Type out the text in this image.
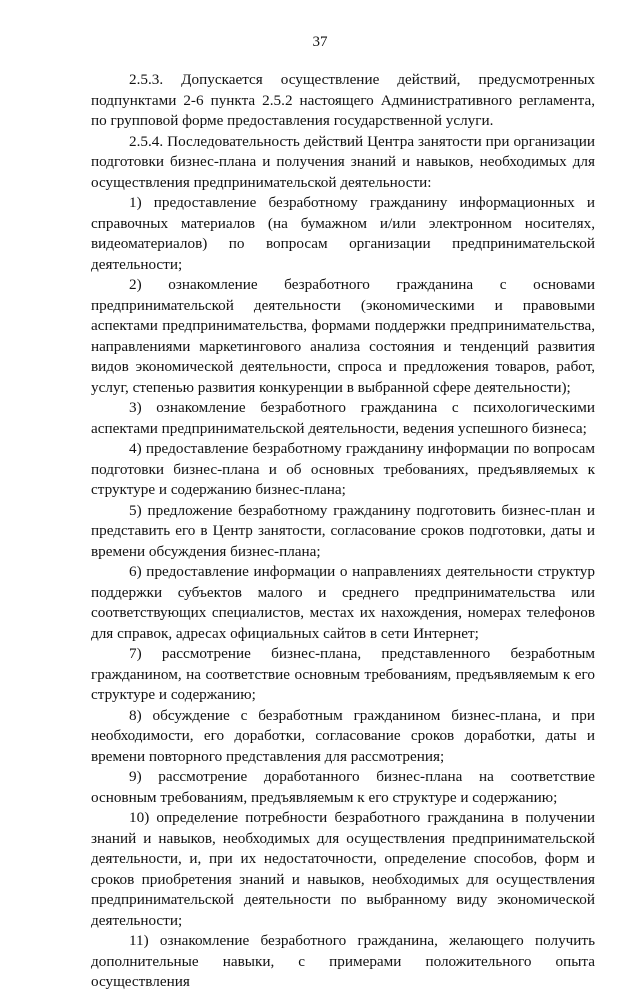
37

2.5.3. Допускается осуществление действий, предусмотренных подпунктами 2-6 пункта 2.5.2 настоящего Административного регламента, по групповой форме предоставления государственной услуги.

2.5.4. Последовательность действий Центра занятости при организации подготовки бизнес-плана и получения знаний и навыков, необходимых для осуществления предпринимательской деятельности:

1) предоставление безработному гражданину информационных и справочных материалов (на бумажном и/или электронном носителях, видеоматериалов) по вопросам организации предпринимательской деятельности;

2) ознакомление безработного гражданина с основами предпринимательской деятельности (экономическими и правовыми аспектами предпринимательства, формами поддержки предпринимательства, направлениями маркетингового анализа состояния и тенденций развития видов экономической деятельности, спроса и предложения товаров, работ, услуг, степенью развития конкуренции в выбранной сфере деятельности);

3) ознакомление безработного гражданина с психологическими аспектами предпринимательской деятельности, ведения успешного бизнеса;

4) предоставление безработному гражданину информации по вопросам подготовки бизнес-плана и об основных требованиях, предъявляемых к структуре и содержанию бизнес-плана;

5) предложение безработному гражданину подготовить бизнес-план и представить его в Центр занятости, согласование сроков подготовки, даты и времени обсуждения бизнес-плана;

6) предоставление информации о направлениях деятельности структур поддержки субъектов малого и среднего предпринимательства или соответствующих специалистов, местах их нахождения, номерах телефонов для справок, адресах официальных сайтов в сети Интернет;

7) рассмотрение бизнес-плана, представленного безработным гражданином, на соответствие основным требованиям, предъявляемым к его структуре и содержанию;

8) обсуждение с безработным гражданином бизнес-плана, и при необходимости, его доработки, согласование сроков доработки, даты и времени повторного представления для рассмотрения;

9) рассмотрение доработанного бизнес-плана на соответствие основным требованиям, предъявляемым к его структуре и содержанию;

10) определение потребности безработного гражданина в получении знаний и навыков, необходимых для осуществления предпринимательской деятельности, и, при их недостаточности, определение способов, форм и сроков приобретения знаний и навыков, необходимых для осуществления предпринимательской деятельности по выбранному виду экономической деятельности;

11) ознакомление безработного гражданина, желающего получить дополнительные навыки, с примерами положительного опыта осуществления
